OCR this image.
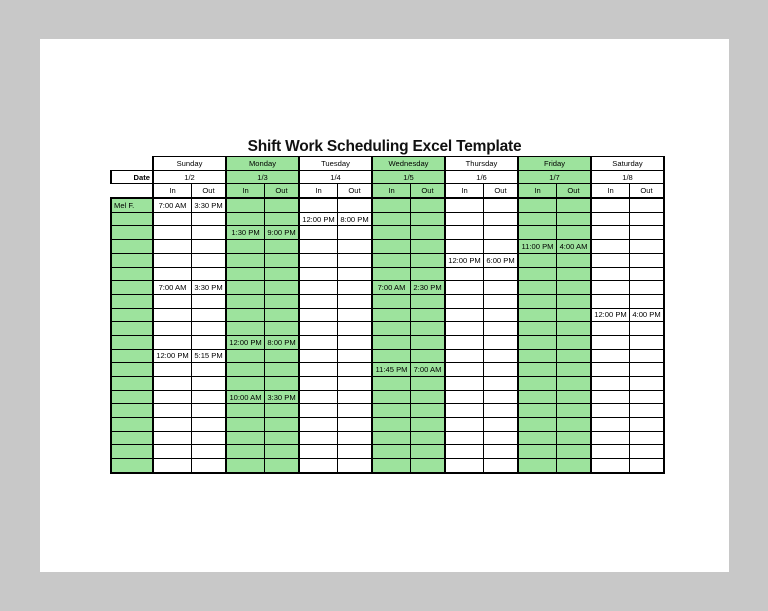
Shift Work Scheduling Excel Template
	Sunday		Monday		Tuesday		Wednesday		Thursday		Friday		Saturday	
Date	1/2		1/3		1/4		1/5		1/6		1/7		1/8	
	In	Out	In	Out	In	Out	In	Out	In	Out	In	Out	In	Out
Mel F.	7:00 AM	3:30 PM												
					12:00 PM	8:00 PM								
			1:30 PM	9:00 PM										
											11:00 PM	4:00 AM		
									12:00 PM	6:00 PM				

	7:00 AM	3:30 PM					7:00 AM	2:30 PM						

													12:00 PM	4:00 PM

			12:00 PM	8:00 PM										
	12:00 PM	5:15 PM												
							11:45 PM	7:00 AM						

			10:00 AM	3:30 PM										
